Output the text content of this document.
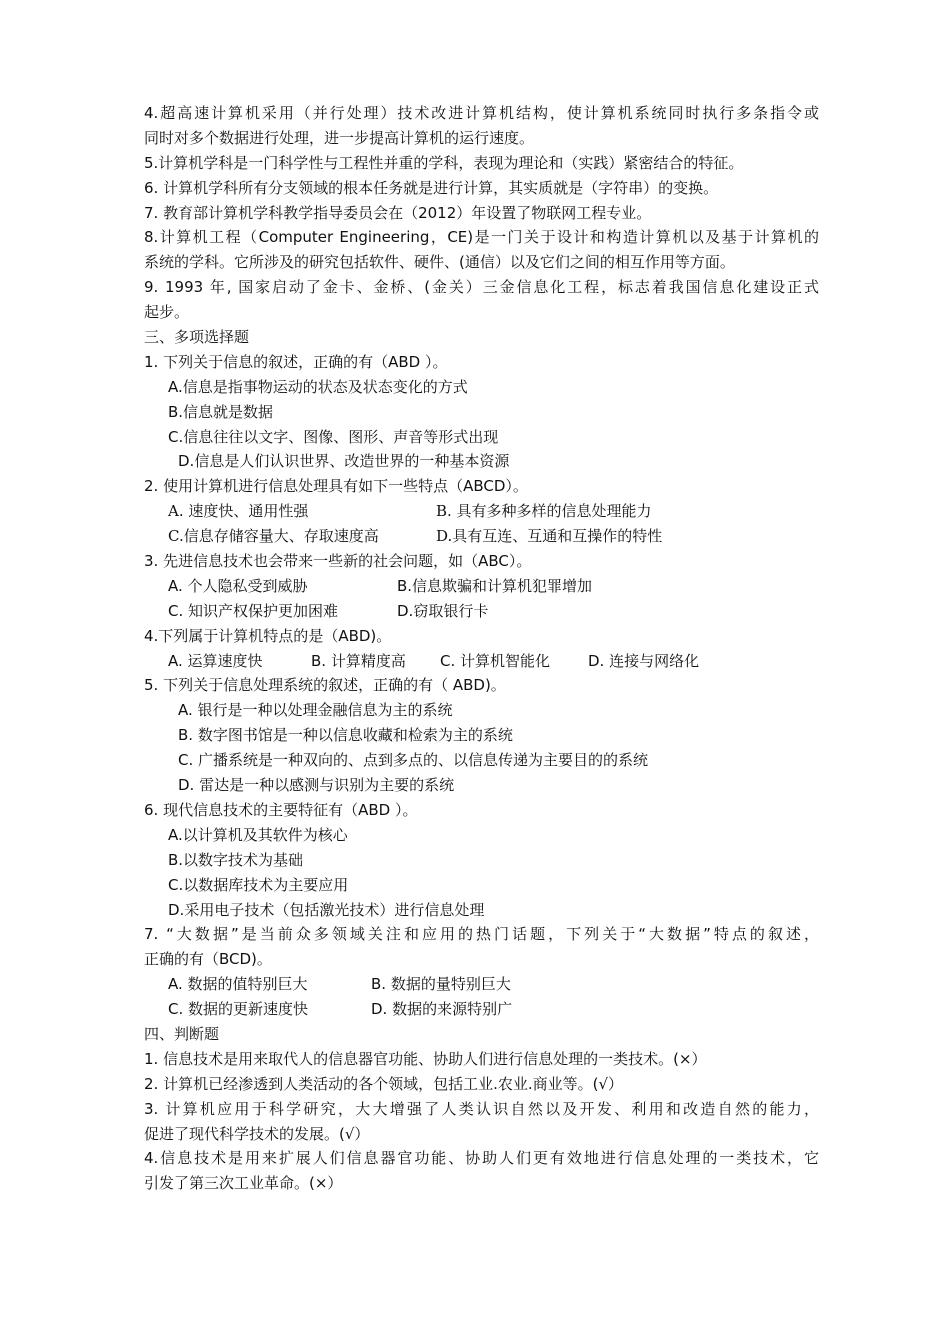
4.超高速计算机采用（并行处理）技术改进计算机结构，使计算机系统同时执行多条指令或
同时对多个数据进行处理，进一步提高计算机的运行速度。
5.计算机学科是一门科学性与工程性并重的学科，表现为理论和（实践）紧密结合的特征。
6. 计算机学科所有分支领域的根本任务就是进行计算，其实质就是（字符串）的变换。
7. 教育部计算机学科教学指导委员会在（2012）年设置了物联网工程专业。
8.计算机工程（Computer Engineering，CE)是一门关于设计和构造计算机以及基于计算机的
系统的学科。它所涉及的研究包括软件、硬件、(通信）以及它们之间的相互作用等方面。
9. 1993 年, 国家启动了金卡、金桥、(金关）三金信息化工程，标志着我国信息化建设正式
起步。
三、多项选择题
1. 下列关于信息的叙述，正确的有（ABD ）。
A.信息是指事物运动的状态及状态变化的方式
B.信息就是数据
C.信息往往以文字、图像、图形、声音等形式出现
D.信息是人们认识世界、改造世界的一种基本资源
2. 使用计算机进行信息处理具有如下一些特点（ABCD）。
A. 速度快、通用性强	B. 具有多种多样的信息处理能力
C.信息存储容量大、存取速度高	D.具有互连、互通和互操作的特性
3. 先进信息技术也会带来一些新的社会问题，如（ABC）。
A. 个人隐私受到威胁	B.信息欺骗和计算机犯罪增加
C. 知识产权保护更加困难	D.窃取银行卡
4.下列属于计算机特点的是（ABD)。
A. 运算速度快	B. 计算精度高	C. 计算机智能化	D. 连接与网络化
5. 下列关于信息处理系统的叙述，正确的有（ ABD)。
A. 银行是一种以处理金融信息为主的系统
B. 数字图书馆是一种以信息收藏和检索为主的系统
C. 广播系统是一种双向的、点到多点的、以信息传递为主要目的的系统
D. 雷达是一种以感测与识别为主要的系统
6. 现代信息技术的主要特征有（ABD ）。
A.以计算机及其软件为核心
B.以数字技术为基础
C.以数据库技术为主要应用
D.采用电子技术（包括激光技术）进行信息处理
7. “大数据”是当前众多领域关注和应用的热门话题，下列关于“大数据”特点的叙述，
正确的有（BCD)。
A. 数据的值特别巨大	B. 数据的量特别巨大
C. 数据的更新速度快	D. 数据的来源特别广
四、判断题
1. 信息技术是用来取代人的信息器官功能、协助人们进行信息处理的一类技术。(×）
2. 计算机已经渗透到人类活动的各个领域，包括工业.农业.商业等。(√）
3. 计算机应用于科学研究，大大增强了人类认识自然以及开发、利用和改造自然的能力，
促进了现代科学技术的发展。(√）
4.信息技术是用来扩展人们信息器官功能、协助人们更有效地进行信息处理的一类技术，它
引发了第三次工业革命。(×）
